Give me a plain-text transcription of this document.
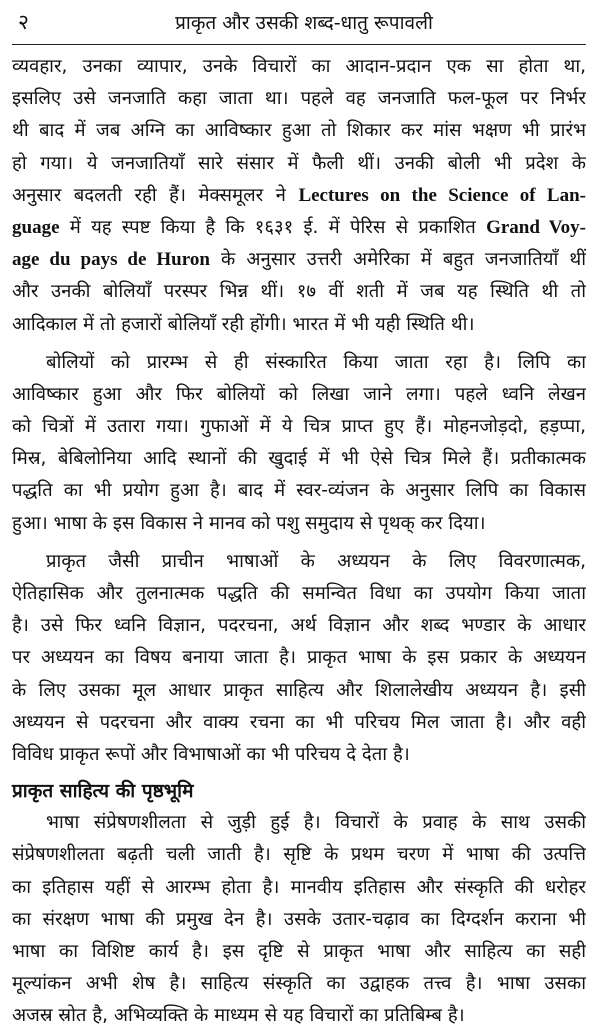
२	प्राकृत और उसकी शब्द-धातु रूपावली
व्यवहार, उनका व्यापार, उनके विचारों का आदान-प्रदान एक सा होता था,
इसलिए उसे जनजाति कहा जाता था। पहले वह जनजाति फल-फूल पर निर्भर
थी बाद में जब अग्नि का आविष्कार हुआ तो शिकार कर मांस भक्षण भी प्रारंभ
हो गया। ये जनजातियाँ सारे संसार में फैली थीं। उनकी बोली भी प्रदेश के
अनुसार बदलती रही हैं। मेक्समूलर ने Lectures on the Science of Lan-
guage में यह स्पष्ट किया है कि १६३१ ई. में पेरिस से प्रकाशित Grand Voy-
age du pays de Huron के अनुसार उत्तरी अमेरिका में बहुत जनजातियाँ थीं
और उनकी बोलियाँ परस्पर भिन्न थीं। १७ वीं शती में जब यह स्थिति थी तो
आदिकाल में तो हजारों बोलियाँ रही होंगी। भारत में भी यही स्थिति थी।
बोलियों को प्रारम्भ से ही संस्कारित किया जाता रहा है। लिपि का
आविष्कार हुआ और फिर बोलियों को लिखा जाने लगा। पहले ध्वनि लेखन
को चित्रों में उतारा गया। गुफाओं में ये चित्र प्राप्त हुए हैं। मोहनजोड़दो, हड़प्पा,
मिस्र, बेबिलोनिया आदि स्थानों की खुदाई में भी ऐसे चित्र मिले हैं। प्रतीकात्मक
पद्धति का भी प्रयोग हुआ है। बाद में स्वर-व्यंजन के अनुसार लिपि का विकास
हुआ। भाषा के इस विकास ने मानव को पशु समुदाय से पृथक् कर दिया।
प्राकृत जैसी प्राचीन भाषाओं के अध्ययन के लिए विवरणात्मक,
ऐतिहासिक और तुलनात्मक पद्धति की समन्वित विधा का उपयोग किया जाता
है। उसे फिर ध्वनि विज्ञान, पदरचना, अर्थ विज्ञान और शब्द भण्डार के आधार
पर अध्ययन का विषय बनाया जाता है। प्राकृत भाषा के इस प्रकार के अध्ययन
के लिए उसका मूल आधार प्राकृत साहित्य और शिलालेखीय अध्ययन है। इसी
अध्ययन से पदरचना और वाक्य रचना का भी परिचय मिल जाता है। और वही
विविध प्राकृत रूपों और विभाषाओं का भी परिचय दे देता है।
प्राकृत साहित्य की पृष्ठभूमि
भाषा संप्रेषणशीलता से जुड़ी हुई है। विचारों के प्रवाह के साथ उसकी
संप्रेषणशीलता बढ़ती चली जाती है। सृष्टि के प्रथम चरण में भाषा की उत्पत्ति
का इतिहास यहीं से आरम्भ होता है। मानवीय इतिहास और संस्कृति की धरोहर
का संरक्षण भाषा की प्रमुख देन है। उसके उतार-चढ़ाव का दिग्दर्शन कराना भी
भाषा का विशिष्ट कार्य है। इस दृष्टि से प्राकृत भाषा और साहित्य का सही
मूल्यांकन अभी शेष है। साहित्य संस्कृति का उद्वाहक तत्त्व है। भाषा उसका
अजस्र स्रोत है, अभिव्यक्ति के माध्यम से यह विचारों का प्रतिबिम्ब है।
